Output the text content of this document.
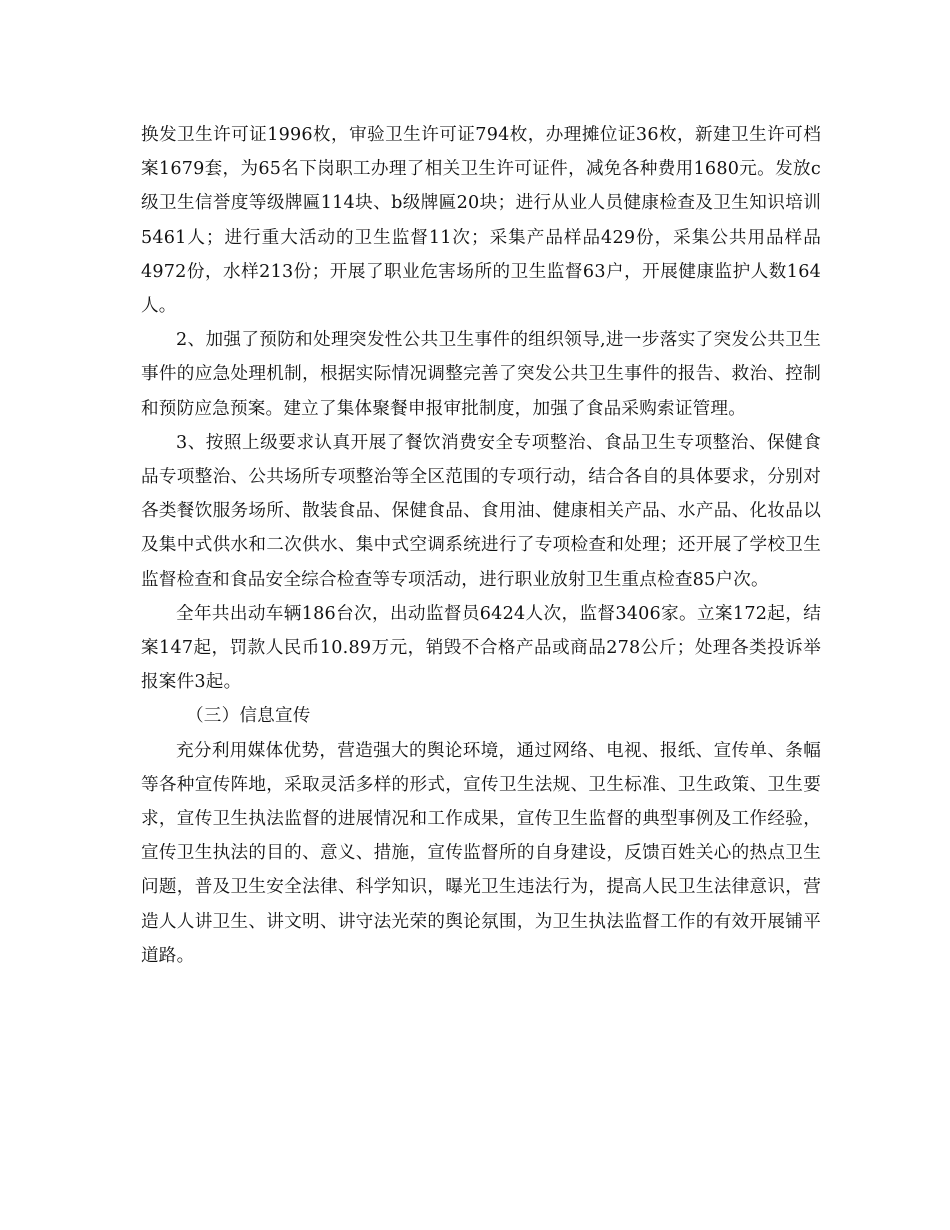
换发卫生许可证1996枚，审验卫生许可证794枚，办理摊位证36枚，新建卫生许可档案1679套，为65名下岗职工办理了相关卫生许可证件，减免各种费用1680元。发放c级卫生信誉度等级牌匾114块、b级牌匾20块；进行从业人员健康检查及卫生知识培训5461人；进行重大活动的卫生监督11次；采集产品样品429份，采集公共用品样品4972份，水样213份；开展了职业危害场所的卫生监督63户，开展健康监护人数164人。

2、加强了预防和处理突发性公共卫生事件的组织领导,进一步落实了突发公共卫生事件的应急处理机制，根据实际情况调整完善了突发公共卫生事件的报告、救治、控制和预防应急预案。建立了集体聚餐申报审批制度，加强了食品采购索证管理。

3、按照上级要求认真开展了餐饮消费安全专项整治、食品卫生专项整治、保健食品专项整治、公共场所专项整治等全区范围的专项行动，结合各自的具体要求，分别对各类餐饮服务场所、散装食品、保健食品、食用油、健康相关产品、水产品、化妆品以及集中式供水和二次供水、集中式空调系统进行了专项检查和处理；还开展了学校卫生监督检查和食品安全综合检查等专项活动，进行职业放射卫生重点检查85户次。

全年共出动车辆186台次，出动监督员6424人次，监督3406家。立案172起，结案147起，罚款人民币10.89万元，销毁不合格产品或商品278公斤；处理各类投诉举报案件3起。

（三）信息宣传

充分利用媒体优势，营造强大的舆论环境，通过网络、电视、报纸、宣传单、条幅等各种宣传阵地，采取灵活多样的形式，宣传卫生法规、卫生标准、卫生政策、卫生要求，宣传卫生执法监督的进展情况和工作成果，宣传卫生监督的典型事例及工作经验，宣传卫生执法的目的、意义、措施，宣传监督所的自身建设，反馈百姓关心的热点卫生问题，普及卫生安全法律、科学知识，曝光卫生违法行为，提高人民卫生法律意识，营造人人讲卫生、讲文明、讲守法光荣的舆论氛围，为卫生执法监督工作的有效开展铺平道路。
